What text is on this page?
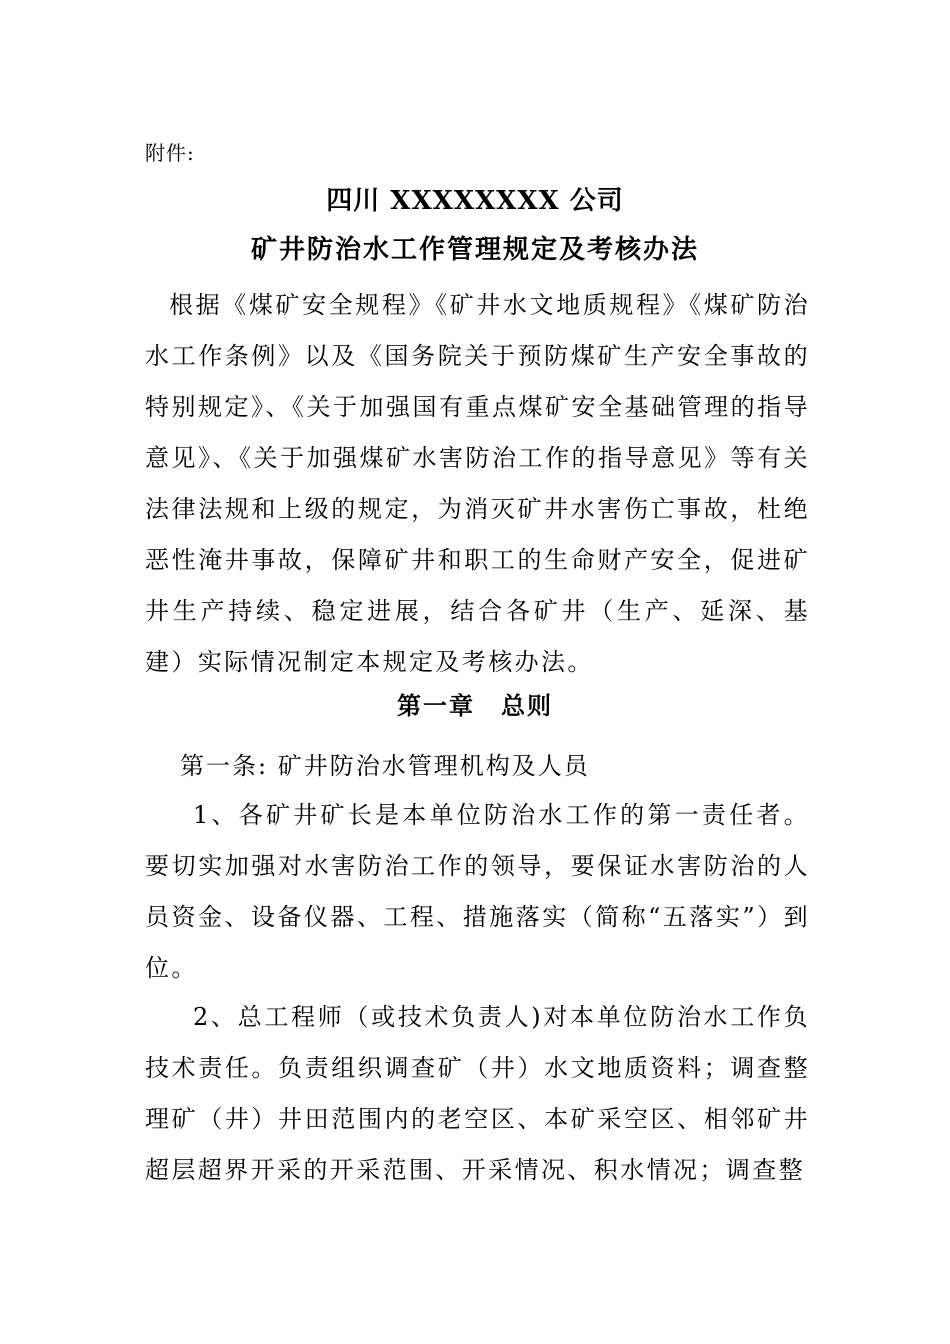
附件:
四川 XXXXXXXX 公司
矿井防治水工作管理规定及考核办法

根据《煤矿安全规程》《矿井水文地质规程》《煤矿防治水工作条例》以及《国务院关于预防煤矿生产安全事故的特别规定》、《关于加强国有重点煤矿安全基础管理的指导意见》、《关于加强煤矿水害防治工作的指导意见》等有关法律法规和上级的规定，为消灭矿井水害伤亡事故，杜绝恶性淹井事故，保障矿井和职工的生命财产安全，促进矿井生产持续、稳定进展，结合各矿井（生产、延深、基建）实际情况制定本规定及考核办法。

第一章 总则
第一条: 矿井防治水管理机构及人员

1、各矿井矿长是本单位防治水工作的第一责任者。要切实加强对水害防治工作的领导，要保证水害防治的人员资金、设备仪器、工程、措施落实（简称“五落实”）到位。

2、总工程师（或技术负责人)对本单位防治水工作负技术责任。负责组织调查矿（井）水文地质资料；调查整理矿（井）井田范围内的老空区、本矿采空区、相邻矿井超层超界开采的开采范围、开采情况、积水情况；调查整
